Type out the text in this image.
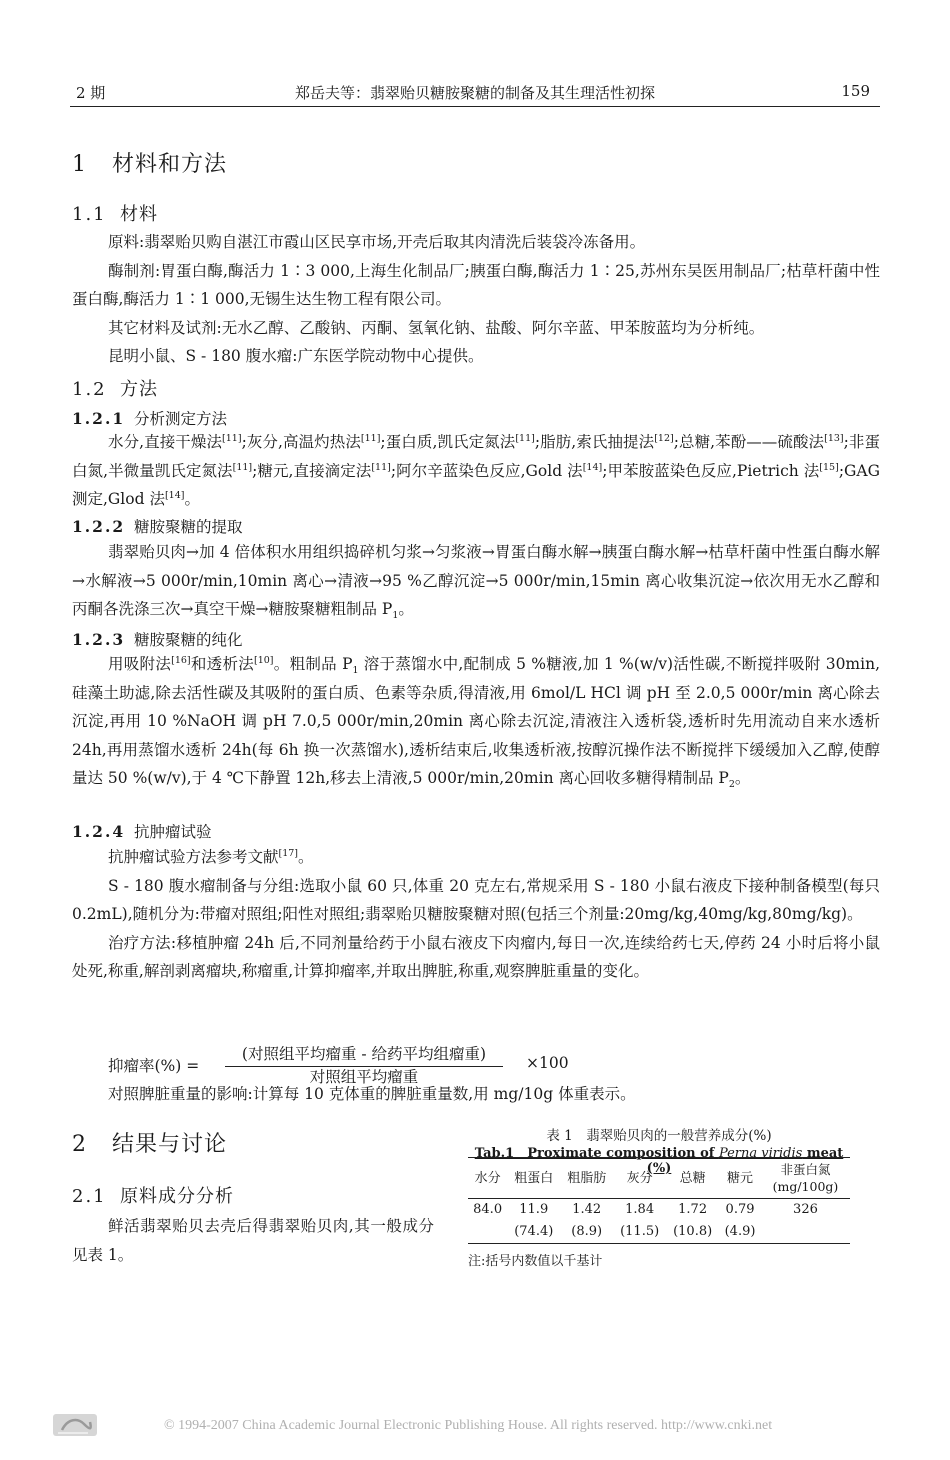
2 期	郑岳夫等：翡翠贻贝糖胺聚糖的制备及其生理活性初探	159
1 材料和方法
1.1 材料
原料:翡翠贻贝购自湛江市霞山区民享市场,开壳后取其肉清洗后装袋冷冻备用。
酶制剂:胃蛋白酶,酶活力 1∶3 000,上海生化制品厂;胰蛋白酶,酶活力 1∶25,苏州东吴医用制品厂;枯草杆菌中性蛋白酶,酶活力 1∶1 000,无锡生达生物工程有限公司。
其它材料及试剂:无水乙醇、乙酸钠、丙酮、氢氧化钠、盐酸、阿尔辛蓝、甲苯胺蓝均为分析纯。
昆明小鼠、S - 180 腹水瘤:广东医学院动物中心提供。
1.2 方法
1.2.1 分析测定方法
水分,直接干燥法[11];灰分,高温灼热法[11];蛋白质,凯氏定氮法[11];脂肪,索氏抽提法[12];总糖,苯酚——硫酸法[13];非蛋白氮,半微量凯氏定氮法[11];糖元,直接滴定法[11];阿尔辛蓝染色反应,Gold 法[14];甲苯胺蓝染色反应,Pietrich 法[15];GAG 测定,Glod 法[14]。
1.2.2 糖胺聚糖的提取
翡翠贻贝肉→加 4 倍体积水用组织捣碎机匀浆→匀浆液→胃蛋白酶水解→胰蛋白酶水解→枯草杆菌中性蛋白酶水解→水解液→5 000r/min,10min 离心→清液→95 %乙醇沉淀→5 000r/min,15min 离心收集沉淀→依次用无水乙醇和丙酮各洗涤三次→真空干燥→糖胺聚糖粗制品 $P_1$。
1.2.3 糖胺聚糖的纯化
用吸附法[16]和透析法[10]。粗制品 $P_1$ 溶于蒸馏水中,配制成 5 %糖液,加 1 %(w/v)活性碳,不断搅拌吸附 30min,硅藻土助滤,除去活性碳及其吸附的蛋白质、色素等杂质,得清液,用 6mol/L HCl 调 pH 至 2.0,5 000r/min 离心除去沉淀,再用 10 %NaOH 调 pH 7.0,5 000r/min,20min 离心除去沉淀,清液注入透析袋,透析时先用流动自来水透析 24h,再用蒸馏水透析 24h(每 6h 换一次蒸馏水),透析结束后,收集透析液,按醇沉操作法不断搅拌下缓缓加入乙醇,使醇量达 50 %(w/v),于 4 ℃下静置 12h,移去上清液,5 000r/min,20min 离心回收多糖得精制品 $P_2$。
1.2.4 抗肿瘤试验
抗肿瘤试验方法参考文献[17]。
S - 180 腹水瘤制备与分组:选取小鼠 60 只,体重 20 克左右,常规采用 S - 180 小鼠右液皮下接种制备模型(每只 0.2mL),随机分为:带瘤对照组;阳性对照组;翡翠贻贝糖胺聚糖对照(包括三个剂量:20mg/kg,40mg/kg,80mg/kg)。
治疗方法:移植肿瘤 24h 后,不同剂量给药于小鼠右液皮下肉瘤内,每日一次,连续给药七天,停药 24 小时后将小鼠处死,称重,解剖剥离瘤块,称瘤重,计算抑瘤率,并取出脾脏,称重,观察脾脏重量的变化。
抑瘤率(%) =
(对照组平均瘤重 - 给药平均组瘤重)
对照组平均瘤重
×100
对照脾脏重量的影响:计算每 10 克体重的脾脏重量数,用 mg/10g 体重表示。
2 结果与讨论
2.1 原料成分分析
鲜活翡翠贻贝去壳后得翡翠贻贝肉,其一般成分见表 1。
表 1　翡翠贻贝肉的一般营养成分(%)
Tab.1　Proximate composition of Perna viridis meat (%)
水分	粗蛋白	粗脂肪	灰分	总糖	糖元	非蛋白氮
(mg/100g)
84.0	11.9	1.42	1.84	1.72	0.79	326
	(74.4)	(8.9)	(11.5)	(10.8)	(4.9)	
注:括号内数值以千基计
© 1994-2007 China Academic Journal Electronic Publishing House. All rights reserved. http://www.cnki.net
